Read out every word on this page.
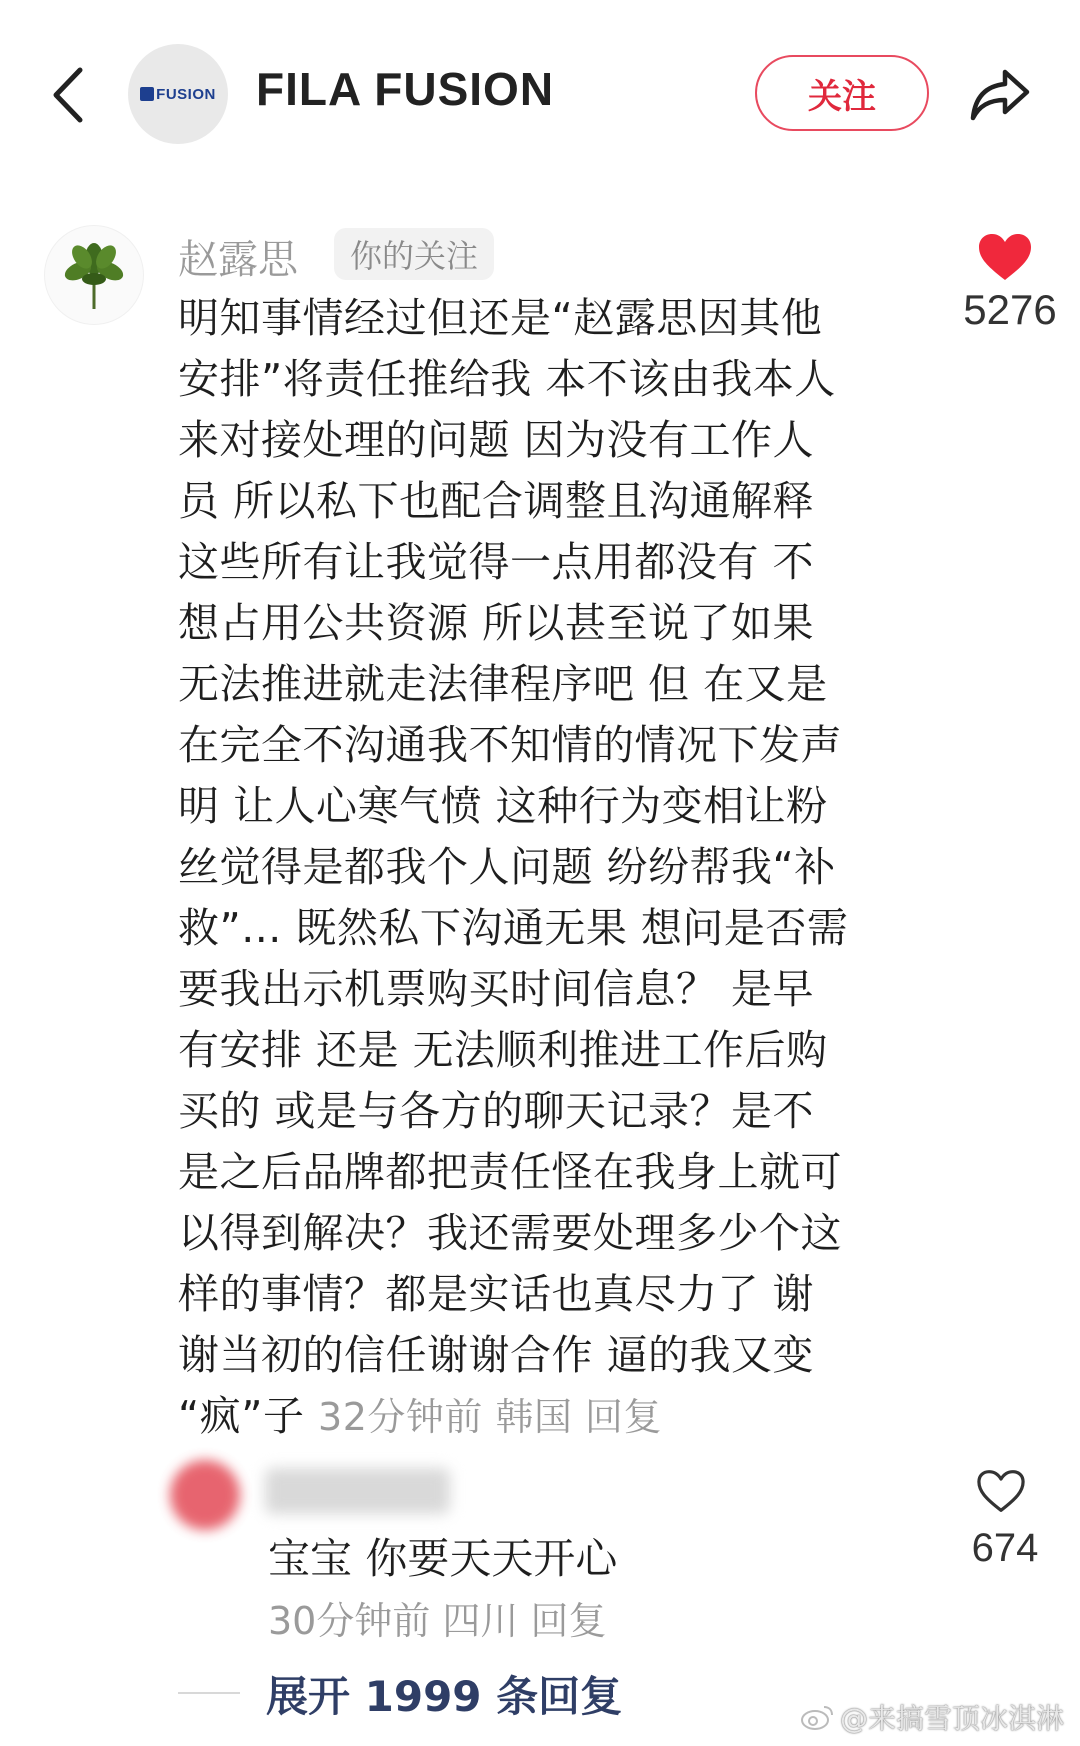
FUSION FILA FUSION	关注
赵露思	你的关注
明知事情经过但还是“赵露思因其他
安排”将责任推给我 本不该由我本人
来对接处理的问题 因为没有工作人
员 所以私下也配合调整且沟通解释
这些所有让我觉得一点用都没有 不
想占用公共资源 所以甚至说了如果
无法推进就走法律程序吧 但 在又是
在完全不沟通我不知情的情况下发声
明 让人心寒气愤 这种行为变相让粉
丝觉得是都我个人问题 纷纷帮我“补
救”... 既然私下沟通无果 想问是否需
要我出示机票购买时间信息？ 是早
有安排 还是 无法顺利推进工作后购
买的 或是与各方的聊天记录？是不
是之后品牌都把责任怪在我身上就可
以得到解决？我还需要处理多少个这
样的事情？都是实话也真尽力了 谢
谢当初的信任谢谢合作 逼的我又变
“疯”子 32分钟前 韩国 回复
5276
宝宝 你要天天开心
30分钟前 四川 回复
674
展开 1999 条回复	@来搞雪顶冰淇淋
